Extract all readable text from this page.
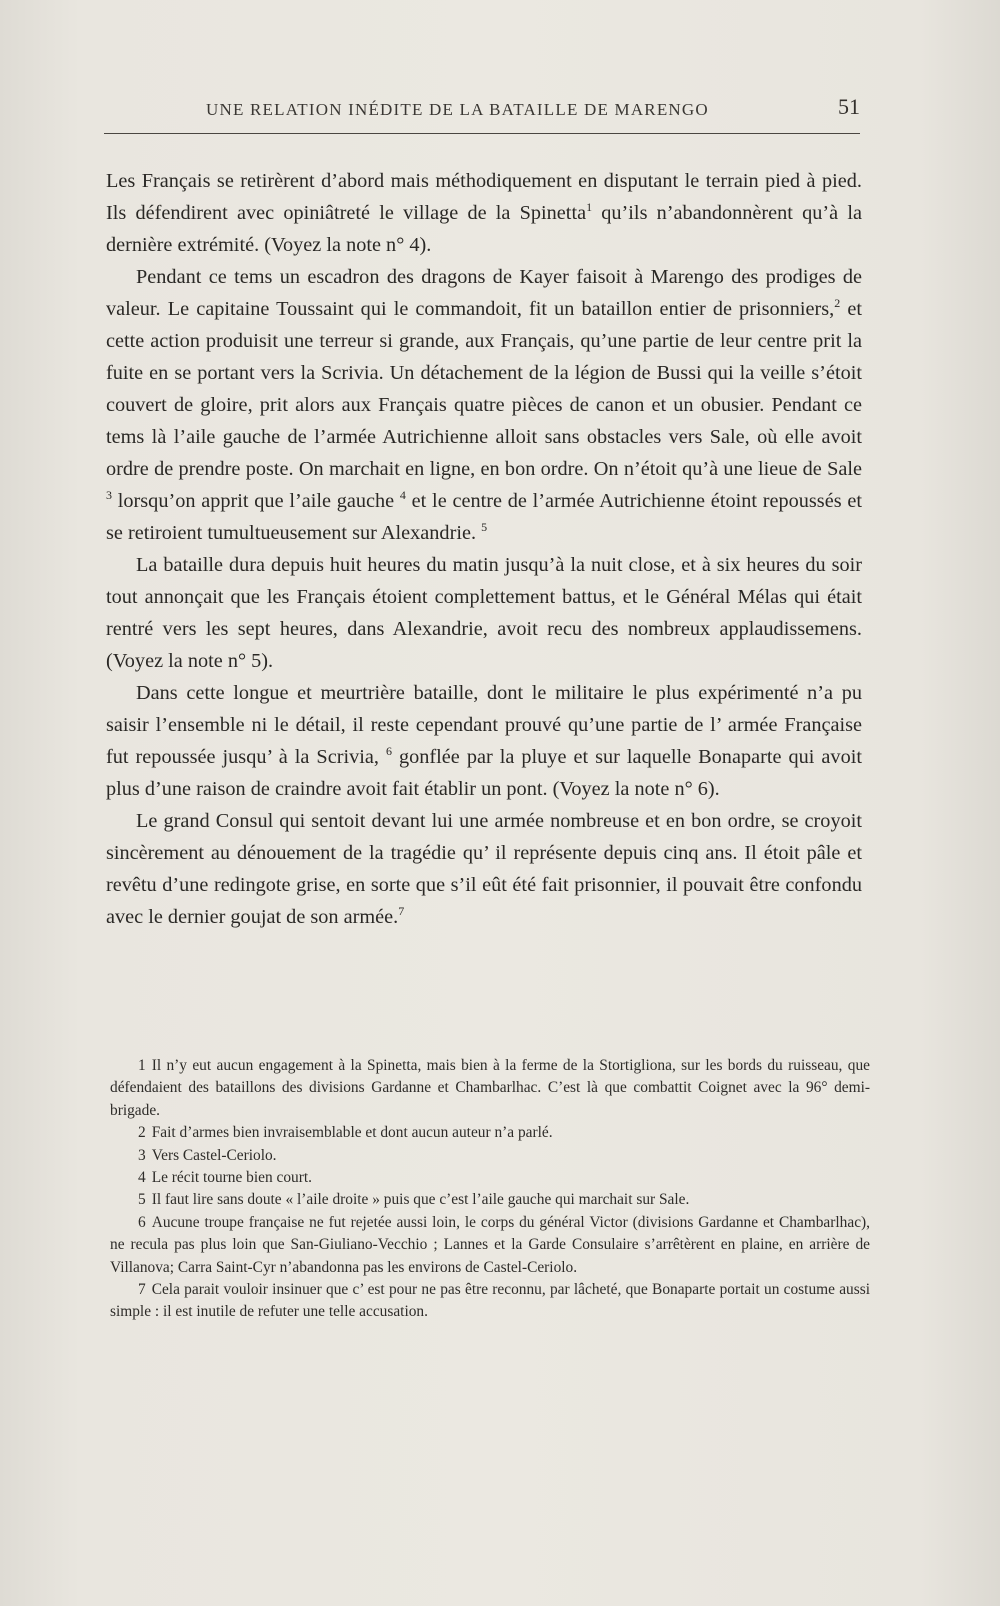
UNE RELATION INÉDITE DE LA BATAILLE DE MARENGO	51

Les Français se retirèrent d’abord mais méthodiquement en disputant le terrain pied à pied. Ils défendirent avec opiniâtreté le village de la Spinetta$^1$ qu’ils n’abandonnèrent qu’à la dernière extrémité. (Voyez la note n° 4).

Pendant ce tems un escadron des dragons de Kayer faisoit à Marengo des prodiges de valeur. Le capitaine Toussaint qui le commandoit, fit un bataillon entier de prisonniers,$^2$ et cette action produisit une terreur si grande, aux Français, qu’une partie de leur centre prit la fuite en se portant vers la Scrivia. Un détachement de la légion de Bussi qui la veille s’étoit couvert de gloire, prit alors aux Français quatre pièces de canon et un obusier. Pendant ce tems là l’aile gauche de l’armée Autrichienne alloit sans obstacles vers Sale, où elle avoit ordre de prendre poste. On marchait en ligne, en bon ordre. On n’étoit qu’à une lieue de Sale $^3$ lorsqu’on apprit que l’aile gauche $^4$ et le centre de l’armée Autrichienne étoint repoussés et se retiroient tumultueusement sur Alexandrie. $^5$

La bataille dura depuis huit heures du matin jusqu’à la nuit close, et à six heures du soir tout annonçait que les Français étoient complettement battus, et le Général Mélas qui était rentré vers les sept heures, dans Alexandrie, avoit recu des nombreux applaudissemens. (Voyez la note n° 5).

Dans cette longue et meurtrière bataille, dont le militaire le plus expérimenté n’a pu saisir l’ensemble ni le détail, il reste cependant prouvé qu’une partie de l’ armée Française fut repoussée jusqu’ à la Scrivia, $^6$ gonflée par la pluye et sur laquelle Bonaparte qui avoit plus d’une raison de craindre avoit fait établir un pont. (Voyez la note n° 6).

Le grand Consul qui sentoit devant lui une armée nombreuse et en bon ordre, se croyoit sincèrement au dénouement de la tragédie qu’ il représente depuis cinq ans. Il étoit pâle et revêtu d’une redingote grise, en sorte que s’il eût été fait prisonnier, il pouvait être confondu avec le dernier goujat de son armée.$^7$

1 Il n’y eut aucun engagement à la Spinetta, mais bien à la ferme de la Stortigliona, sur les bords du ruisseau, que défendaient des bataillons des divisions Gardanne et Chambarlhac. C’est là que combattit Coignet avec la 96° demi-brigade.

2 Fait d’armes bien invraisemblable et dont aucun auteur n’a parlé.

3 Vers Castel-Ceriolo.

4 Le récit tourne bien court.

5 Il faut lire sans doute « l’aile droite » puis que c’est l’aile gauche qui marchait sur Sale.

6 Aucune troupe française ne fut rejetée aussi loin, le corps du général Victor (divisions Gardanne et Chambarlhac), ne recula pas plus loin que San-Giuliano-Vecchio ; Lannes et la Garde Consulaire s’arrêtèrent en plaine, en arrière de Villanova; Carra Saint-Cyr n’abandonna pas les environs de Castel-Ceriolo.

7 Cela parait vouloir insinuer que c’ est pour ne pas être reconnu, par lâcheté, que Bonaparte portait un costume aussi simple : il est inutile de refuter une telle accusation.
